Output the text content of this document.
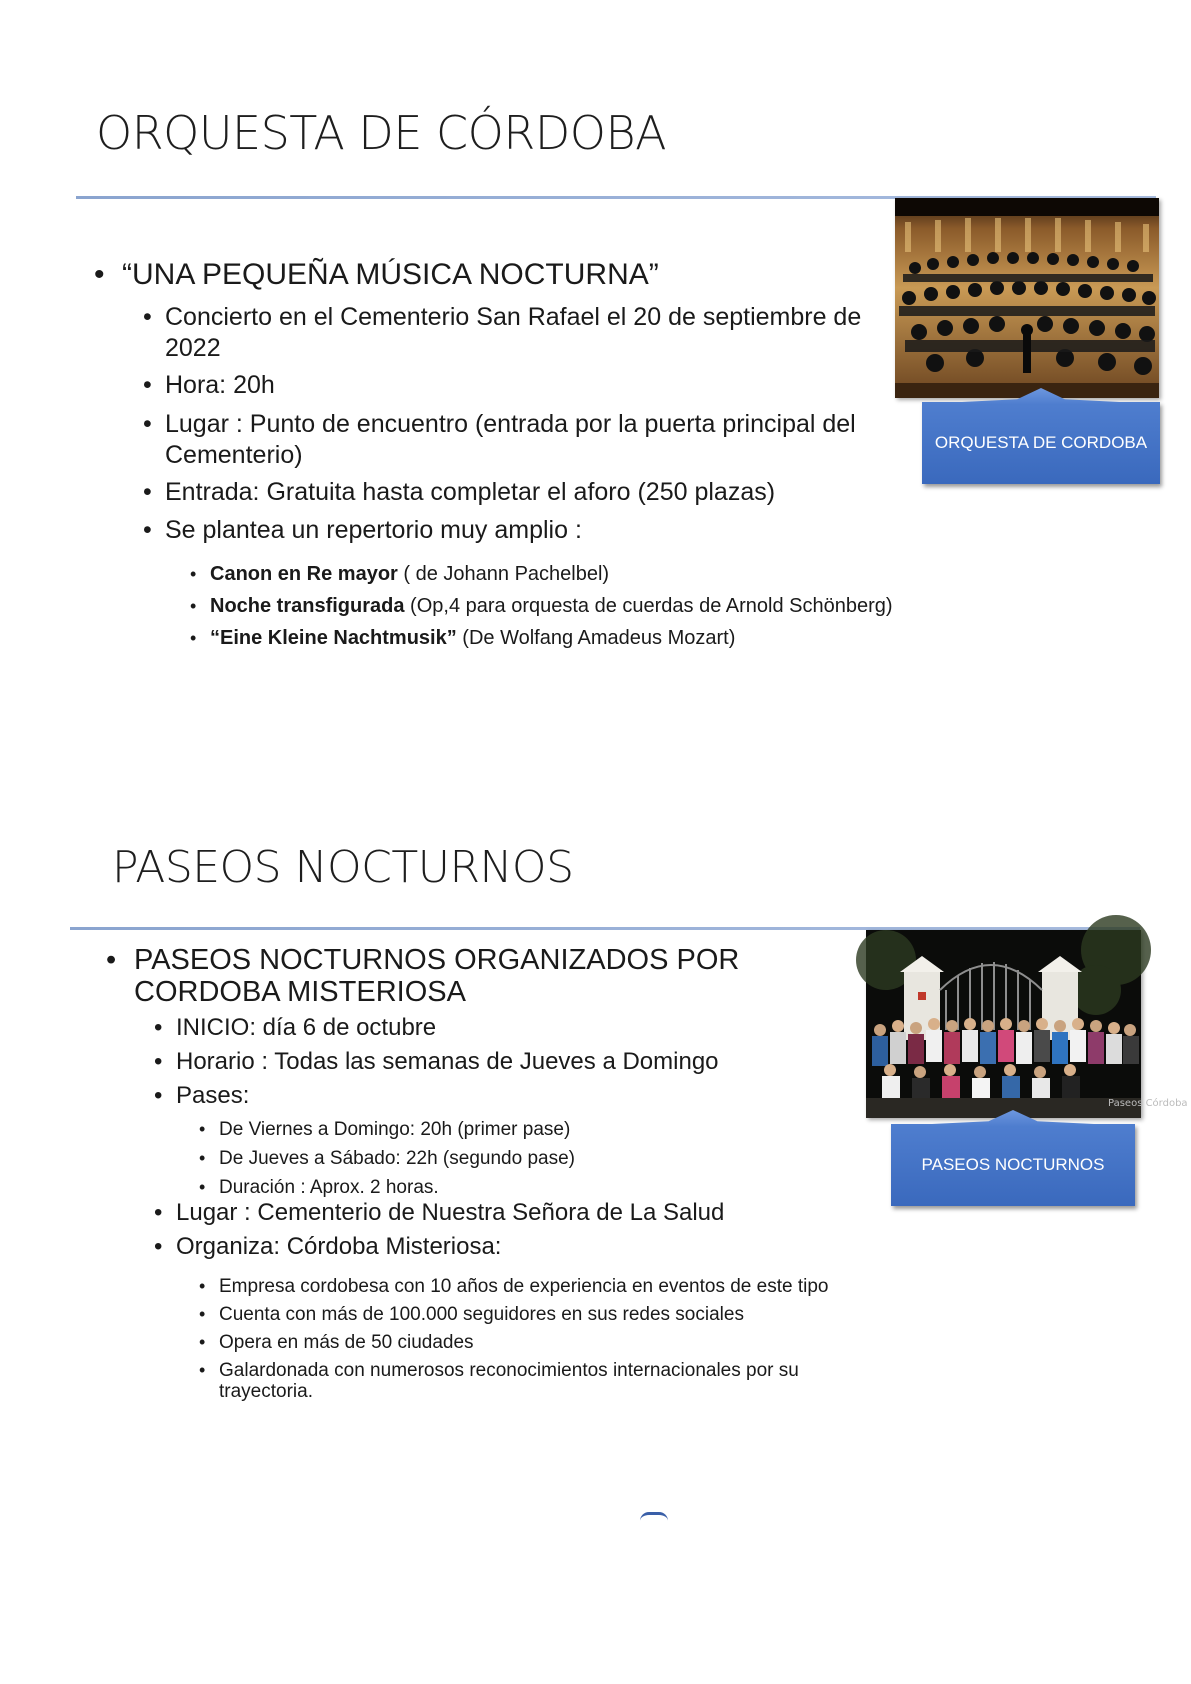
ORQUESTA DE CÓRDOBA
• “UNA PEQUEÑA MÚSICA NOCTURNA”
• Concierto en el Cementerio San Rafael el 20 de septiembre de 2022
• Hora: 20h
• Lugar : Punto de encuentro (entrada por la puerta principal del Cementerio)
• Entrada: Gratuita hasta completar el aforo (250 plazas)
• Se plantea un repertorio muy amplio :
• Canon en Re mayor ( de Johann Pachelbel)
• Noche transfigurada (Op,4 para orquesta de cuerdas de Arnold Schönberg)
• “Eine Kleine Nachtmusik” (De Wolfang Amadeus Mozart)
ORQUESTA DE CORDOBA
PASEOS NOCTURNOS
• PASEOS NOCTURNOS ORGANIZADOS POR CORDOBA MISTERIOSA
• INICIO: día 6 de octubre
• Horario : Todas las semanas de Jueves a Domingo
• Pases:
• De Viernes a Domingo: 20h (primer pase)
• De Jueves a Sábado: 22h (segundo pase)
• Duración : Aprox. 2 horas.
• Lugar : Cementerio de Nuestra Señora de La Salud
• Organiza: Córdoba Misteriosa:
• Empresa cordobesa con 10 años de experiencia en eventos de este tipo
• Cuenta con más de 100.000 seguidores en sus redes sociales
• Opera en más de 50 ciudades
• Galardonada con numerosos reconocimientos internacionales por su trayectoria.
Paseos Córdoba
PASEOS NOCTURNOS
